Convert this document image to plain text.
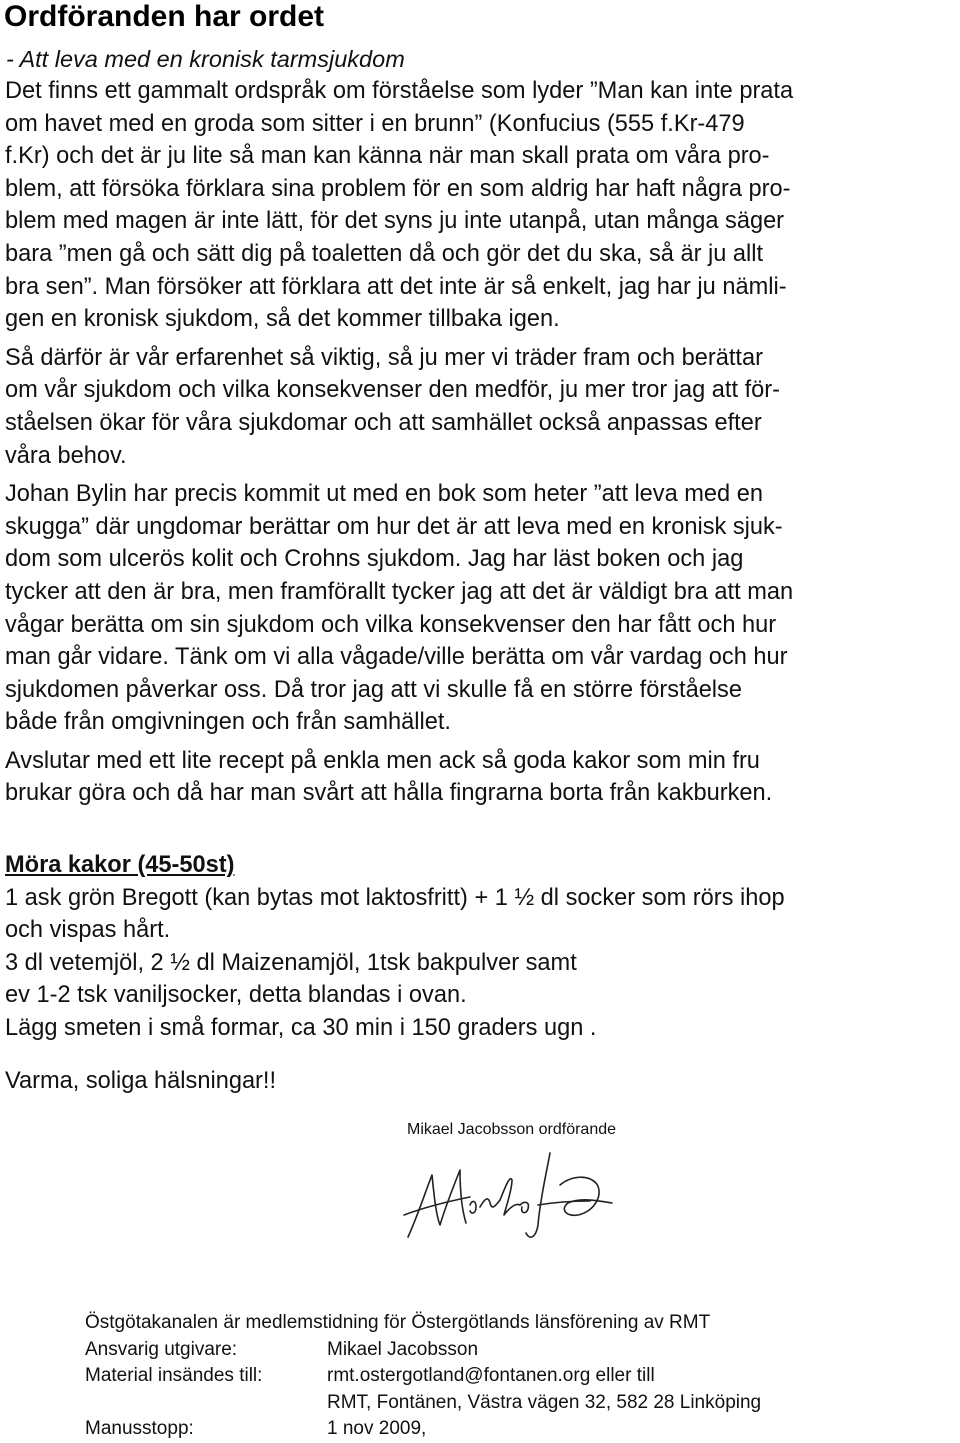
Ordföranden har ordet

- Att leva med en kronisk tarmsjukdom

Det finns ett gammalt ordspråk om förståelse som lyder ”Man kan inte prata
om havet med en groda som sitter i en brunn” (Konfucius (555 f.Kr-479
f.Kr) och det är ju lite så man kan känna när man skall prata om våra pro-
blem, att försöka förklara sina problem för en som aldrig har haft några pro-
blem med magen är inte lätt, för det syns ju inte utanpå, utan många säger
bara ”men gå och sätt dig på toaletten då och gör det du ska, så är ju allt
bra sen”. Man försöker att förklara att det inte är så enkelt, jag har ju nämli-
gen en kronisk sjukdom, så det kommer tillbaka igen.

Så därför är vår erfarenhet så viktig, så ju mer vi träder fram och berättar
om vår sjukdom och vilka konsekvenser den medför, ju mer tror jag att för-
ståelsen ökar för våra sjukdomar och att samhället också anpassas efter
våra behov.

Johan Bylin har precis kommit ut med en bok som heter ”att leva med en
skugga” där ungdomar berättar om hur det är att leva med en kronisk sjuk-
dom som ulcerös kolit och Crohns sjukdom. Jag har läst boken och jag
tycker att den är bra, men framförallt tycker jag att det är väldigt bra att man
vågar berätta om sin sjukdom och vilka konsekvenser den har fått och hur
man går vidare. Tänk om vi alla vågade/ville berätta om vår vardag och hur
sjukdomen påverkar oss. Då tror jag att vi skulle få en större förståelse
både från omgivningen och från samhället.

Avslutar med ett lite recept på enkla men ack så goda kakor som min fru
brukar göra och då har man svårt att hålla fingrarna borta från kakburken.

Möra kakor (45-50st)

1 ask grön Bregott (kan bytas mot laktosfritt) + 1 ½ dl socker som rörs ihop

och vispas hårt.

3 dl vetemjöl, 2 ½ dl Maizenamjöl, 1tsk bakpulver samt

ev 1-2 tsk vaniljsocker, detta blandas i ovan.

Lägg smeten i små formar, ca 30 min i 150 graders ugn .

Varma, soliga hälsningar!!

Mikael Jacobsson ordförande

Östgötakanalen är medlemstidning för Östergötlands länsförening av RMT
Ansvarig utgivare:	Mikael Jacobsson
Material insändes till:	rmt.ostergotland@fontanen.org eller till
RMT, Fontänen, Västra vägen 32, 582 28 Linköping
Manusstopp:	1 nov 2009,
